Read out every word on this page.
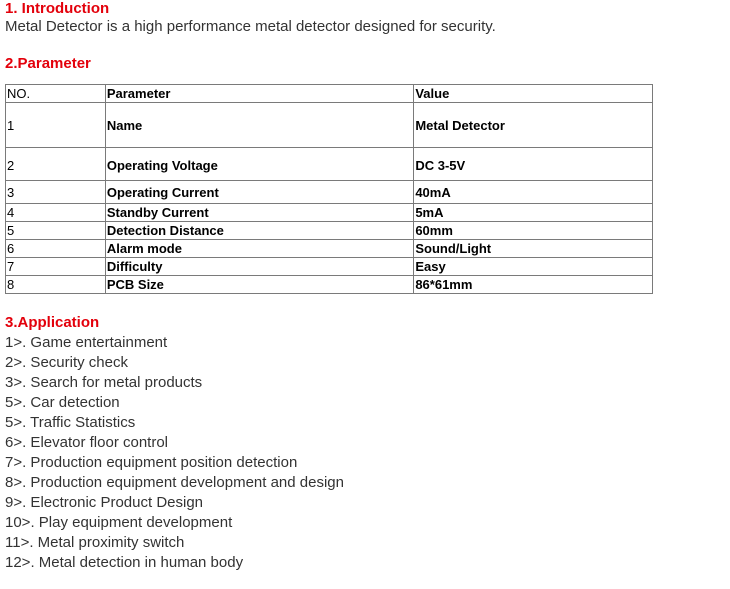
1. Introduction

Metal Detector is a high performance metal detector designed for security.

2.Parameter
NO.	Parameter	Value
1	Name	Metal Detector
2	Operating Voltage	DC 3-5V
3	Operating Current	40mA
4	Standby Current	5mA
5	Detection Distance	60mm
6	Alarm mode	Sound/Light
7	Difficulty	Easy
8	PCB Size	86*61mm
3.Application
1>. Game entertainment
2>. Security check
3>. Search for metal products
5>. Car detection
5>. Traffic Statistics
6>. Elevator floor control
7>. Production equipment position detection
8>. Production equipment development and design
9>. Electronic Product Design
10>. Play equipment development
11>. Metal proximity switch
12>. Metal detection in human body
